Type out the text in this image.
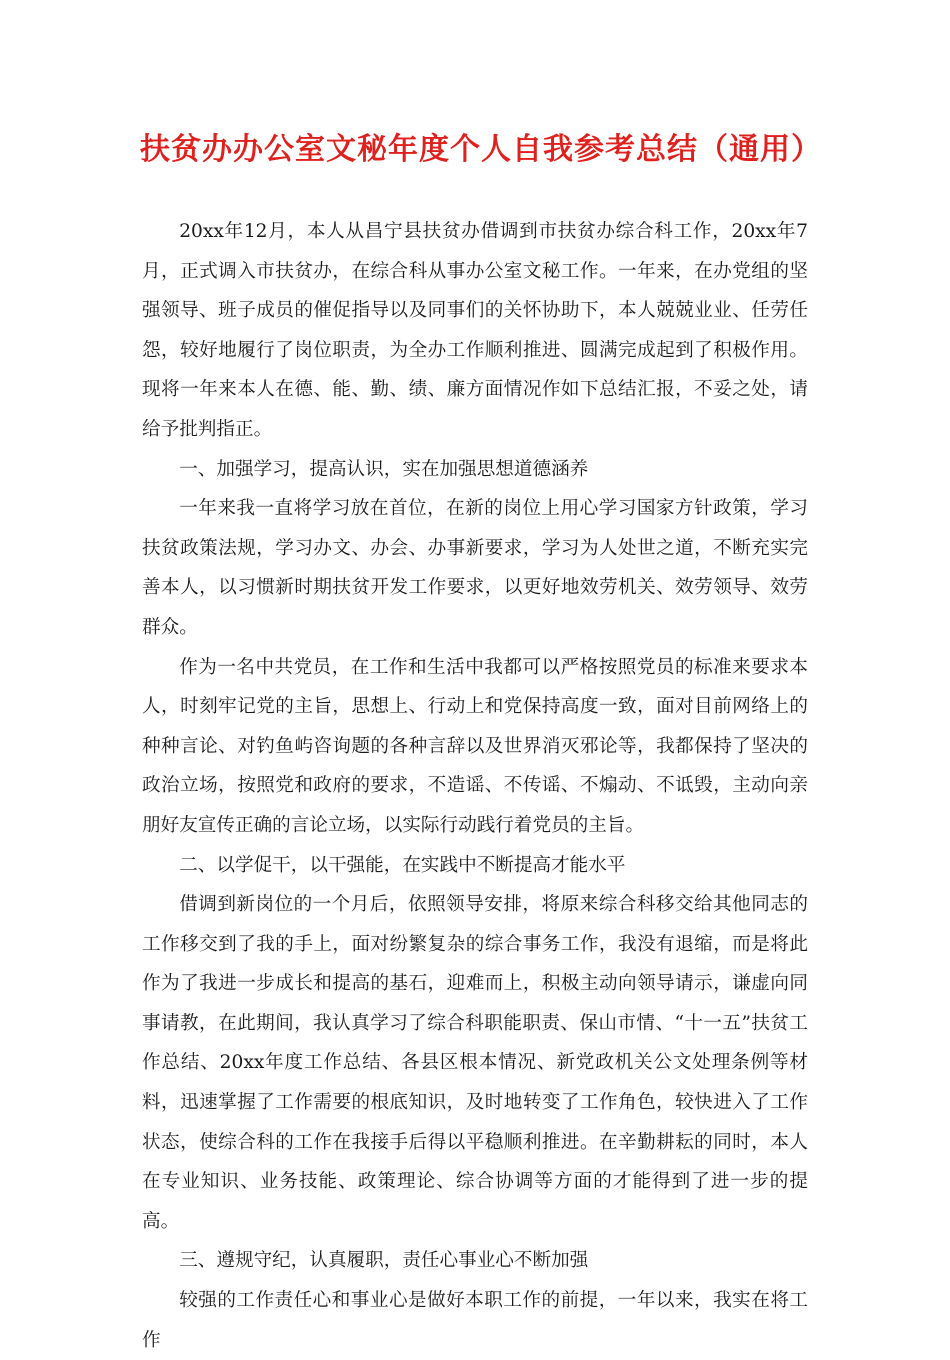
扶贫办办公室文秘年度个人自我参考总结（通用）

20xx年12月，本人从昌宁县扶贫办借调到市扶贫办综合科工作，20xx年7月，正式调入市扶贫办，在综合科从事办公室文秘工作。一年来，在办党组的坚强领导、班子成员的催促指导以及同事们的关怀协助下，本人兢兢业业、任劳任怨，较好地履行了岗位职责，为全办工作顺利推进、圆满完成起到了积极作用。现将一年来本人在德、能、勤、绩、廉方面情况作如下总结汇报，不妥之处，请给予批判指正。

一、加强学习，提高认识，实在加强思想道德涵养

一年来我一直将学习放在首位，在新的岗位上用心学习国家方针政策，学习扶贫政策法规，学习办文、办会、办事新要求，学习为人处世之道，不断充实完善本人，以习惯新时期扶贫开发工作要求，以更好地效劳机关、效劳领导、效劳群众。

作为一名中共党员，在工作和生活中我都可以严格按照党员的标准来要求本人，时刻牢记党的主旨，思想上、行动上和党保持高度一致，面对目前网络上的种种言论、对钓鱼屿咨询题的各种言辞以及世界消灭邪论等，我都保持了坚决的政治立场，按照党和政府的要求，不造谣、不传谣、不煽动、不诋毁，主动向亲朋好友宣传正确的言论立场，以实际行动践行着党员的主旨。

二、以学促干，以干强能，在实践中不断提高才能水平

借调到新岗位的一个月后，依照领导安排，将原来综合科移交给其他同志的工作移交到了我的手上，面对纷繁复杂的综合事务工作，我没有退缩，而是将此作为了我进一步成长和提高的基石，迎难而上，积极主动向领导请示，谦虚向同事请教，在此期间，我认真学习了综合科职能职责、保山市情、“十一五”扶贫工作总结、20xx年度工作总结、各县区根本情况、新党政机关公文处理条例等材料，迅速掌握了工作需要的根底知识，及时地转变了工作角色，较快进入了工作状态，使综合科的工作在我接手后得以平稳顺利推进。在辛勤耕耘的同时，本人在专业知识、业务技能、政策理论、综合协调等方面的才能得到了进一步的提高。

三、遵规守纪，认真履职，责任心事业心不断加强

较强的工作责任心和事业心是做好本职工作的前提，一年以来，我实在将工作
